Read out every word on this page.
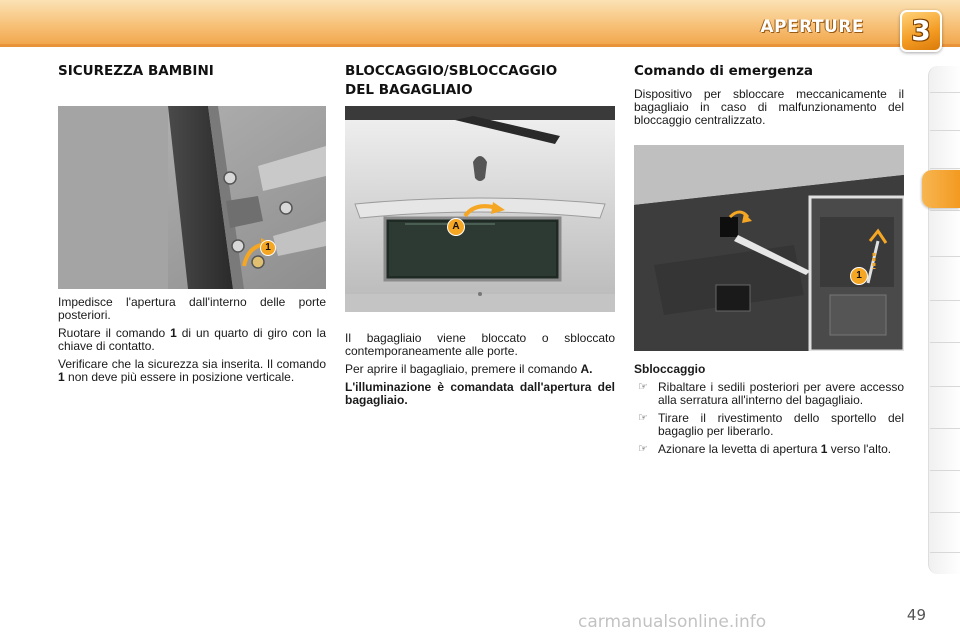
APERTURE 3
SICUREZZA BAMBINI
1

Impedisce l'apertura dall'interno delle porte posteriori.

Ruotare il comando 1 di un quarto di giro con la chiave di contatto.

Verificare che la sicurezza sia inserita. Il comando 1 non deve più essere in posizione verticale.

BLOCCAGGIO/SBLOCCAGGIO
DEL BAGAGLIAIO
A

Il bagagliaio viene bloccato o sbloccato contemporaneamente alle porte.

Per aprire il bagagliaio, premere il comando A.

L'illuminazione è comandata dall'apertura del bagagliaio.

Comando di emergenza

Dispositivo per sbloccare meccanicamente il bagagliaio in caso di malfunzionamento del bloccaggio centralizzato.

1

Sbloccaggio

☞ Ribaltare i sedili posteriori per avere accesso alla serratura all'interno del bagagliaio.
☞ Tirare il rivestimento dello sportello del bagaglio per liberarlo.
☞ Azionare la levetta di apertura 1 verso l'alto.
49
carmanualsonline.info
